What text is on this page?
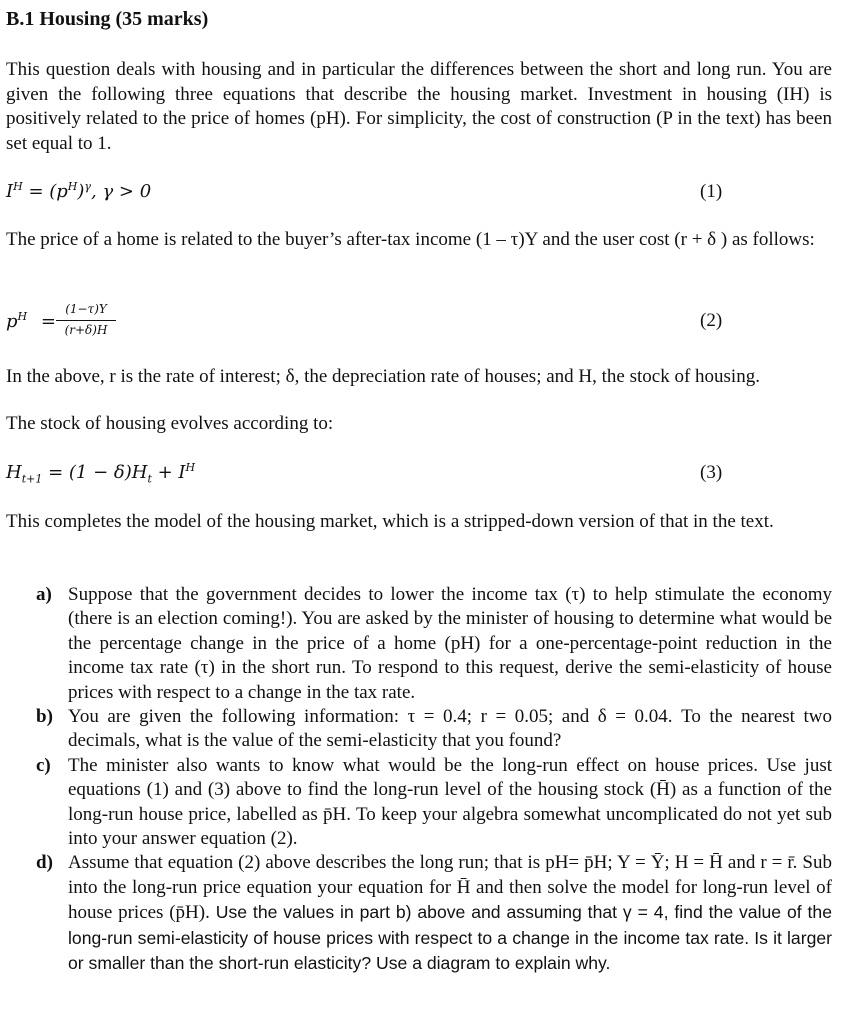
B.1 Housing (35 marks)
This question deals with housing and in particular the differences between the short and long run. You are given the following three equations that describe the housing market. Investment in housing (IH) is positively related to the price of homes (pH). For simplicity, the cost of construction (P in the text) has been set equal to 1.
$I^H = (p^H)^\gamma$, γ > 0	(1)
The price of a home is related to the buyer’s after-tax income (1 – τ)Y and the user cost (r + δ ) as follows:
$p^H$ =
(1−τ)Y
(r+δ)H	(2)
In the above, r is the rate of interest; δ, the depreciation rate of houses; and H, the stock of housing.
The stock of housing evolves according to:
$H_{t+1} = (1 - \delta)H_t + I^H$	(3)
This completes the model of the housing market, which is a stripped-down version of that in the text.
a) Suppose that the government decides to lower the income tax (τ) to help stimulate the economy (there is an election coming!). You are asked by the minister of housing to determine what would be the percentage change in the price of a home (pH) for a one-percentage-point reduction in the income tax rate (τ) in the short run. To respond to this request, derive the semi-elasticity of house prices with respect to a change in the tax rate.
b) You are given the following information: τ = 0.4; r = 0.05; and δ = 0.04. To the nearest two decimals, what is the value of the semi-elasticity that you found?
c) The minister also wants to know what would be the long-run effect on house prices. Use just equations (1) and (3) above to find the long-run level of the housing stock (H̄) as a function of the long-run house price, labelled as p̄H. To keep your algebra somewhat uncomplicated do not yet sub into your answer equation (2).
d) Assume that equation (2) above describes the long run; that is pH= p̄H; Y = Ȳ; H = H̄ and r = r̄. Sub into the long-run price equation your equation for H̄ and then solve the model for long-run level of house prices (p̄H). Use the values in part b) above and assuming that γ = 4, find the value of the long-run semi-elasticity of house prices with respect to a change in the income tax rate. Is it larger or smaller than the short-run elasticity? Use a diagram to explain why.
